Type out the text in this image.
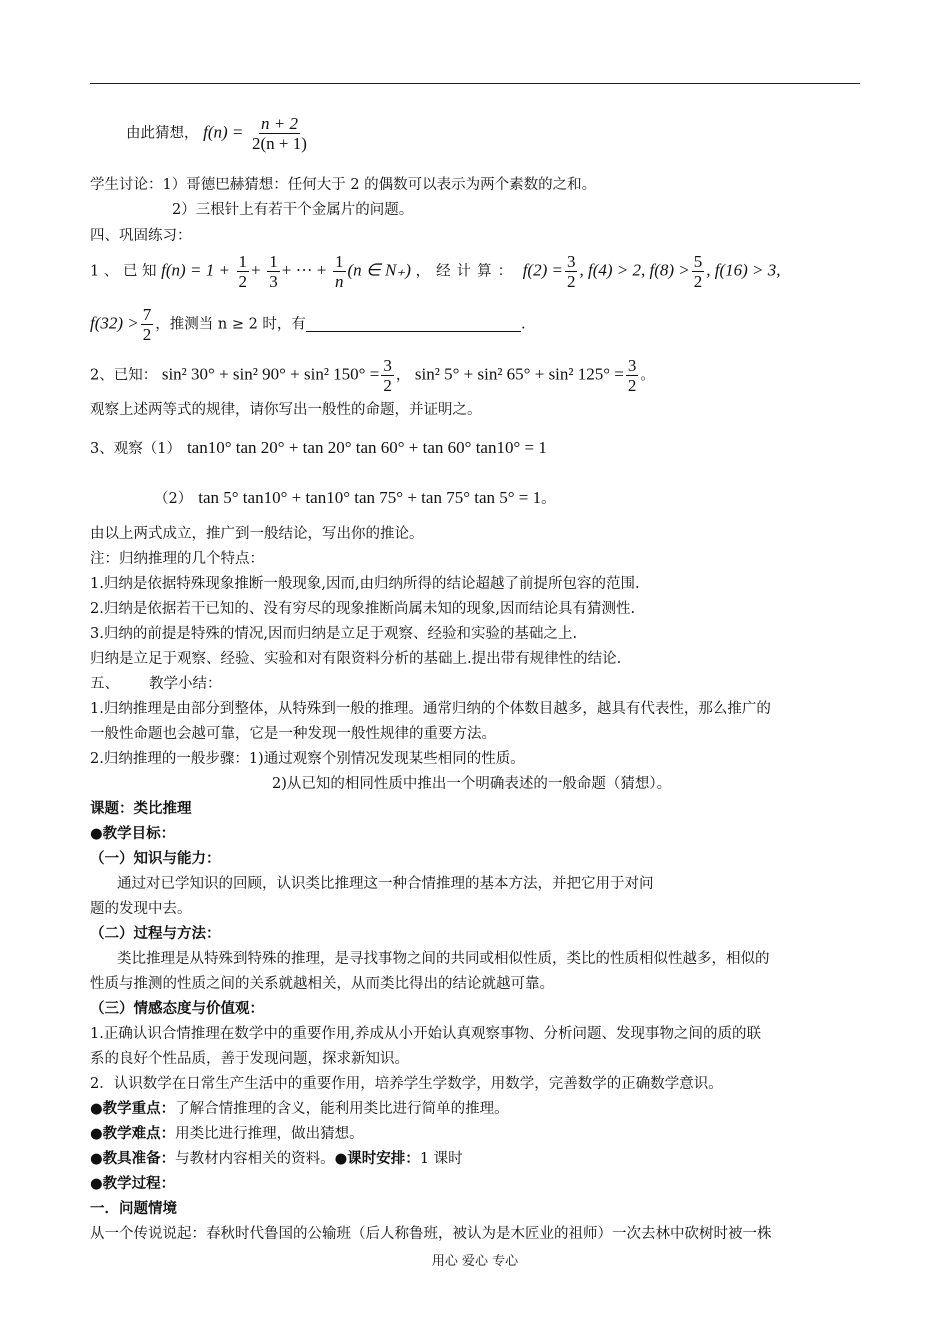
由此猜想， $f(n) = \frac{n + 2}{2(n + 1)}$
学生讨论：1）哥德巴赫猜想：任何大于 2 的偶数可以表示为两个素数的之和。
2）三根针上有若干个金属片的问题。
四、巩固练习：
1 、 已 知 $f(n) = 1 + \frac{1}{2} + \frac{1}{3}$ + ··· + $\frac{1}{n} (n$ ∈ N₊) ，经计算： $f(2) = \frac{3}{2}$ , f(4) > 2, $f(8) > \frac{5}{2}$ , f(16) > 3,
$f(32) > \frac{7}{2}$ ，推测当 n ≥ 2 时，有	.
2、已知： sin² 30° + sin² 90° + sin² $150^\circ = \frac{3}{2}$ ， sin² 5° + sin² 65° + sin² $125^\circ = \frac{3}{2}$ 。
观察上述两等式的规律，请你写出一般性的命题，并证明之。
3、观察（1） tan10° tan 20° + tan 20° tan 60° + tan 60° tan10° = 1
（2） tan 5° tan10° + tan10° tan 75° + tan 75° tan 5° = 1。
由以上两式成立，推广到一般结论，写出你的推论。
注：归纳推理的几个特点：
1.归纳是依据特殊现象推断一般现象,因而,由归纳所得的结论超越了前提所包容的范围.
2.归纳是依据若干已知的、没有穷尽的现象推断尚属未知的现象,因而结论具有猜测性.
3.归纳的前提是特殊的情况,因而归纳是立足于观察、经验和实验的基础之上.
归纳是立足于观察、经验、实验和对有限资料分析的基础上.提出带有规律性的结论.
五、 教学小结：
1.归纳推理是由部分到整体，从特殊到一般的推理。通常归纳的个体数目越多，越具有代表性，那么推广的
一般性命题也会越可靠，它是一种发现一般性规律的重要方法。
2.归纳推理的一般步骤：1)通过观察个别情况发现某些相同的性质。
2)从已知的相同性质中推出一个明确表述的一般命题（猜想）。
课题：类比推理
●教学目标：
（一）知识与能力：
通过对已学知识的回顾，认识类比推理这一种合情推理的基本方法，并把它用于对问
题的发现中去。
（二）过程与方法：
类比推理是从特殊到特殊的推理，是寻找事物之间的共同或相似性质，类比的性质相似性越多，相似的
性质与推测的性质之间的关系就越相关，从而类比得出的结论就越可靠。
（三）情感态度与价值观：
1.正确认识合情推理在数学中的重要作用,养成从小开始认真观察事物、分析问题、发现事物之间的质的联
系的良好个性品质，善于发现问题，探求新知识。
2．认识数学在日常生产生活中的重要作用，培养学生学数学，用数学，完善数学的正确数学意识。
●教学重点：了解合情推理的含义，能利用类比进行简单的推理。
●教学难点：用类比进行推理，做出猜想。
●教具准备：与教材内容相关的资料。●课时安排：1 课时
●教学过程：
一．问题情境
从一个传说说起：春秋时代鲁国的公输班（后人称鲁班，被认为是木匠业的祖师）一次去林中砍树时被一株
用心 爱心 专心
